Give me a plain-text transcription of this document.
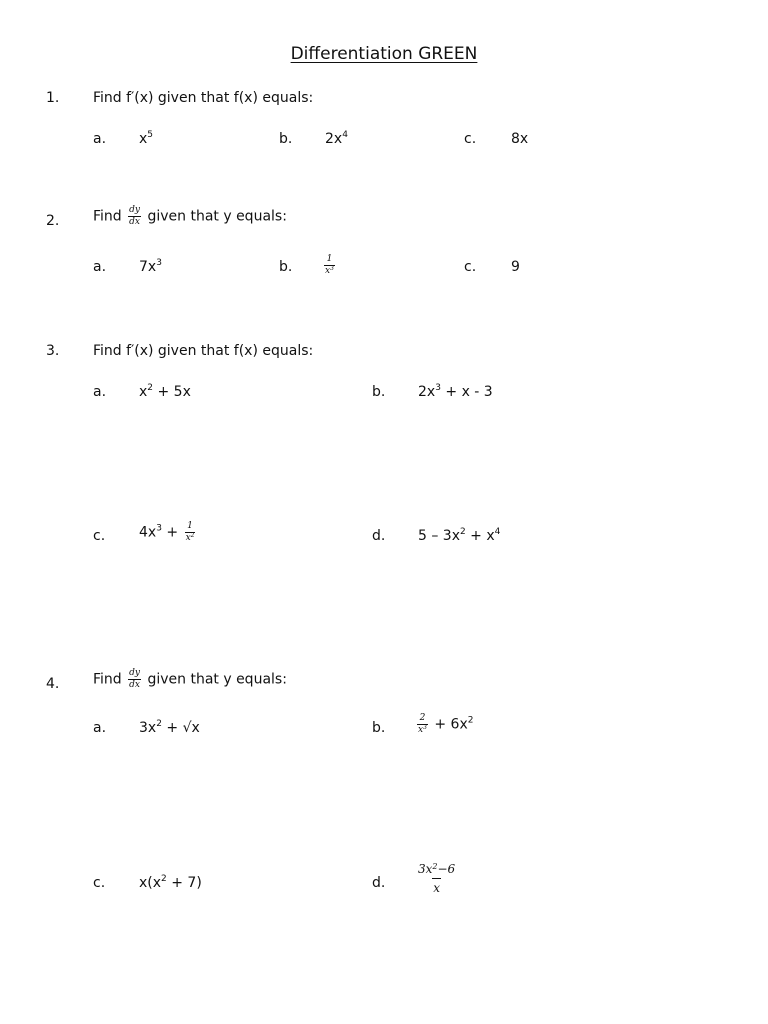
Differentiation GREEN
1. Find f′(x) given that f(x) equals:
a. $x^5$	b. $2x^4$	c. 8x
2. Find $\frac{dy}{dx}$ given that y equals:
a. $7x^3$	b.	$\frac{1}{x^3}$	c. 9
3. Find f′(x) given that f(x) equals:
a. $x^2 + 5x$	b. $2x^3 + x - 3$
c. $4x^3 + \frac{1}{x^2}$	d. $5 - 3x^2 + x^4$
4. Find $\frac{dy}{dx}$ given that y equals:
a. $3x^2 + √x$	b.	$\frac{2}{x^3} + 6x^2$
c. $x(x^2 + 7)$	d.	$\frac{3x^2-6}{x}$
